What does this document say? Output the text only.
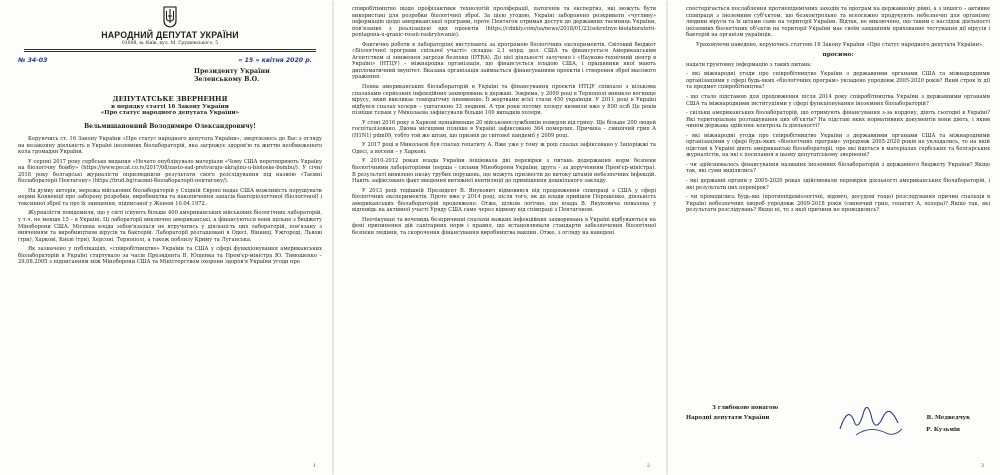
НАРОДНИЙ ДЕПУТАТ УКРАЇНИ

01008, м. Київ, вул. М. Грушевського, 5

№ 34-03	« 15 » квітня 2020 р.

Президенту України

Зеленському В.О.

ДЕПУТАТСЬКЕ ЗВЕРНЕННЯ

в порядку статті 16 Закону України

«Про статус народного депутата України»

Вельмишановний Володимире Олександровичу!

Керуючись ст. 16 Закону України «Про статус народного депутата України», звертаємось до Вас з огляду на незаконну діяльність в Україні іноземних біолабораторій, яка загрожує здоров'ю та життю необмеженого кола громадян України.

У серпні 2017 року сербське видання «Нечато опублікувало матеріали «Чому США перетворюють Україну на біологічну бомбу» (https://www.pecat.co.rs/2017/08/zasto-sad-pretvaraju-ukrajinu-u-bioloske-bombu/). У січні 2018 року болгарські журналісти оприлюднили результати свого розслідування під назвою «Таємні біолабораторії Пентагону» (https://trud.bg/таємні-біолабораторії-пентагону/).

На думку авторів, мережа військових біолабораторій у Східній Європі надає США можливість порушувати норми Конвенції про заборону розробки, виробництва та накопичення запасів бактеріологічної (біологічної) і токсинної зброї та про їх знищення, підписаної у Женеві 10.04.1972.

Журналісти повідомили, що у світі існують більше 400 американських військових біологічних лабораторій, у т.ч. не менше 15 – в Україні. Ці лабораторії виключно американські, а фінансуються вони щільно з бюджету Міноборони США. Місцева влада зобов'язалася не втручатись у діяльність цих лабораторій, пов'язану з вивченням та виробництвом вірусів та бактерій. Лабораторії розташовані в Одесі, Вінниці, Ужгороді, Львові (три), Харкові, Києві (три), Херсоні, Тернополі, а також поблизу Криму та Луганська.

Як зазначено у публікаціях, «співробітництво» України та США у сфері функціонування американських біолабораторій в Україні стартувало за часів Президента В. Ющенка та Прем'єр-міністра Ю. Тимошенко – 29.08.2005 з підписанням між Міноборони США та Міністерством охорони здоров'я України угоди про

1

співробітництво щодо профілактики технологій проліферації, патогенів та експертиз, які можуть бути використані для розробки біологічної зброї. За цією угодою, Україні заборонено розкривати «чутливу» інформацію щодо американської програми, проте Пентагон отримав доступ до державних таємниць України, пов'язаних з реалізацією цих проектів (https://cdnkiy.com/ua/news/2018/01/23/sekretnye-biolaboratorii-pentagona-u-granic-rossii-raskrylovanie).

Фактично роботи в лабораторіях виступають за програмою біологічних експериментів. Світовий бюджет «Біологічної програми спільної участі» складає 2,1 млрд. дол. США та фінансується Американським Агентством зі зниження загрози безпеки (DTRA). До цієї діяльності залучено і «Науково-технічний центр в Україні» (НТЦУ) – міжнародна організація, що фінансується владою США, і працівники якої мають дипломатичний імунітет. Вказана організація займається фінансуванням проектів і створення зброї масового ураження.

Поява американських біолабораторій в Україні та фінансування проектів НТЦУ співпало з кількома спалахами серйозних інфекційних захворювань в державі. Зокрема, у 2009 році в Тернополі виникло вогнище вірусу, який викликає геморагічну пневмонію. Її жертвами всієї стали 450 українців. У 2011 році в Україні відбувся спалах холери – уштатнено 33 людини. А три роки потому холеру виявили вже у 800 осіб Це років пізніше тільки у Миколаєва зафіксували більше 100 випадків холери.

У січні 2016 року в Харкові щонайменше 20 військовослужбовців померли від грипу. Ще більше 200 людей госпіталізовано. Двома місяцями пізніше в Україні зафіксовано 364 померлих. Причина – свинячий грип A (H1N1) pdm09, тобто той же штам, що призвів до світової пандемії у 2009 році.

У 2017 році в Миколаєві був спалах гепатиту А. Вже уже у тому ж році спалах зафіксовано у Запоріжжі та Одесі, а восени – у Харкові.

У 2010-2012 роках влада України ініціювала дві перевірки з питань додержання норм безпеки біологічними лабораторіями (перша – силами Міноборони України, друга – за дорученням Прем'єр-міністра). В результаті виявлено низку грубих порушень, що можуть призвести до витоку штамів небезпечних інфекцій. Навіть зафіксовано факт введення витяжної вентиляції до приміщення дошкільного закладу.

У 2013 році тодішній Президент В. Янукович відмовився від продовження співпраці з США у сфері біологічних експериментів. Проте вже у 2014 році, після того, як до влади прийшов Порошенко, діяльність американських біолабораторій продовжено. Отже, цілком логічно, що влада В. Януковича повалена у відповідь на активної участі Уряду США саме через відмову від співпраці з Пентагоном.

Неочікувані та вочевидь безпричинні спалахи важких інфекційних захворювань в Україні відбуваються на фоні припинення дій санітарних норм і правил, що встановлювали стандарти забезпечення біологічної безпеки людини, та скорочення фінансування виробництва вакцин. Отже, з огляду на наведені

2

спостерігається послаблення протиепідемічних заходів та програм на державному рівні, а з іншого – активне співпраця з іноземним суб'єктом, що безконтрольно та всеосяжно продукують небезпечні для організму людини віруси та їх штами саме на території України. Відтак, не виключено, що таким є наслідок діяльності іноземних біологічних об'єктів на території України має своїм завданням прихование тестування дії вірусів і бактерій на організм українців.

Ураховуючи наведене, керуючись статтею 16 Закону України «Про статус народного депутата України»,

просимо:

надати ґрунтовну інформацію з таких питань:

- які міжнародні угоди про співробітництво України з державними органами США та міжнародними організаціями у сфері будь-яких «біологічних програм» укладено упродовж 2005-2020 років? Який строк їх дії та предмет співробітництва?

- що стало підставою для продовження після 2014 року співробітництва України з державними органами США та міжнародними інституціями у сфері функціонування іноземних біолабораторій?

- скільки американських біолабораторій, що отримують фінансування з-за кордону, діють сьогодні в Україні? Які територіальне розташування цих об'єктів? На підставі яких нормативних документів вони діють, і яким чином держава здійснює контроль їх діяльності?

- які міжнародні угоди про співробітництво України з державними органами США та міжнародними організаціями у сфері будь-яких «біологічних програм» упродовж 2005-2020 років не укладались, то на якій підставі в Україні діють американські біолабораторії, про які йдеться в матеріалах сербських та болгарських журналістів, на які є посилання в цьому депутатському зверненні?

- чи здійснювалось фінансування названих іноземних біолабораторій з державного бюджету України? Якщо так, які суми виділялись?

- які державні органи у 2005-2020 роках здійснювали перевірки діяльності американських біолабораторій, і які результати цих перевірок?

- чи проводились будь-які (протиепідеміологічні, відомчі, досудові тощо) розслідування причин спалахів в Україні небезпечних хвороб упродовж 2009-2018 років (свинячий грип, гепатит А, холера)? Якщо так, які результати розслідувань? Якщо ні, то з якої причини не проводились?

З глибокою повагою
Народні депутати України	В. Медведчук
Р. Кузьмін
3
